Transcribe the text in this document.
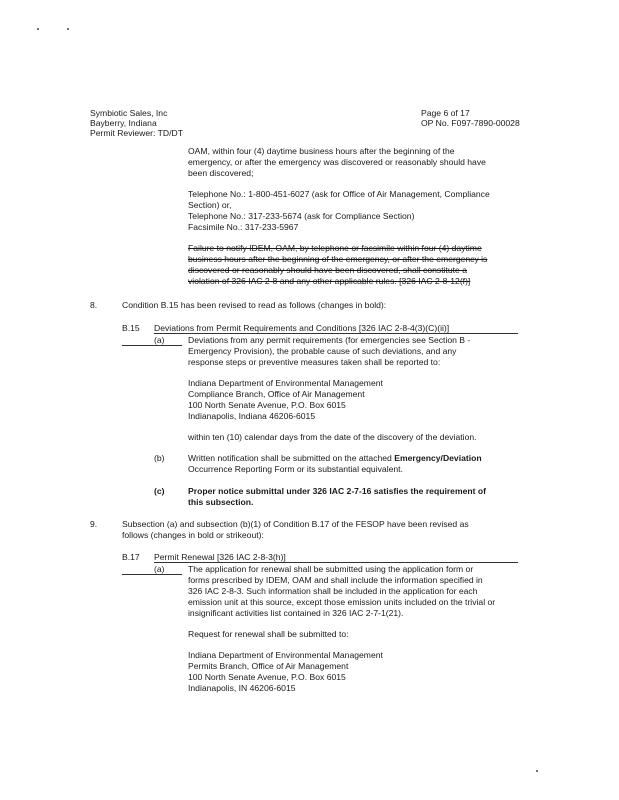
Symbiotic Sales, Inc
Bayberry, Indiana
Permit Reviewer: TD/DT
Page 6 of 17
OP No. F097-7890-00028
OAM, within four (4) daytime business hours after the beginning of the
emergency, or after the emergency was discovered or reasonably should have
been discovered;
Telephone No.: 1-800-451-6027 (ask for Office of Air Management, Compliance
Section) or,
Telephone No.: 317-233-5674 (ask for Compliance Section)
Facsimile No.: 317-233-5967
Failure to notify IDEM, OAM, by telephone or facsimile within four (4) daytime
business hours after the beginning of the emergency, or after the emergency is
discovered or reasonably should have been discovered, shall constitute a
violation of 326 IAC 2-8 and any other applicable rules. [326 IAC 2-8-12(f)]
8.	Condition B.15 has been revised to read as follows (changes in bold):
B.15 Deviations from Permit Requirements and Conditions [326 IAC 2-8-4(3)(C)(ii)]
(a)	Deviations from any permit requirements (for emergencies see Section B -
Emergency Provision), the probable cause of such deviations, and any
response steps or preventive measures taken shall be reported to:
Indiana Department of Environmental Management
Compliance Branch, Office of Air Management
100 North Senate Avenue, P.O. Box 6015
Indianapolis, Indiana 46206-6015
within ten (10) calendar days from the date of the discovery of the deviation.
(b)	Written notification shall be submitted on the attached Emergency/Deviation
Occurrence Reporting Form or its substantial equivalent.
(c)	Proper notice submittal under 326 IAC 2-7-16 satisfies the requirement of
this subsection.
9.	Subsection (a) and subsection (b)(1) of Condition B.17 of the FESOP have been revised as
follows (changes in bold or strikeout):
B.17 Permit Renewal [326 IAC 2-8-3(h)]
(a)	The application for renewal shall be submitted using the application form or
forms prescribed by IDEM, OAM and shall include the information specified in
326 IAC 2-8-3. Such information shall be included in the application for each
emission unit at this source, except those emission units included on the trivial or
insignificant activities list contained in 326 IAC 2-7-1(21).
Request for renewal shall be submitted to:
Indiana Department of Environmental Management
Permits Branch, Office of Air Management
100 North Senate Avenue, P.O. Box 6015
Indianapolis, IN 46206-6015
